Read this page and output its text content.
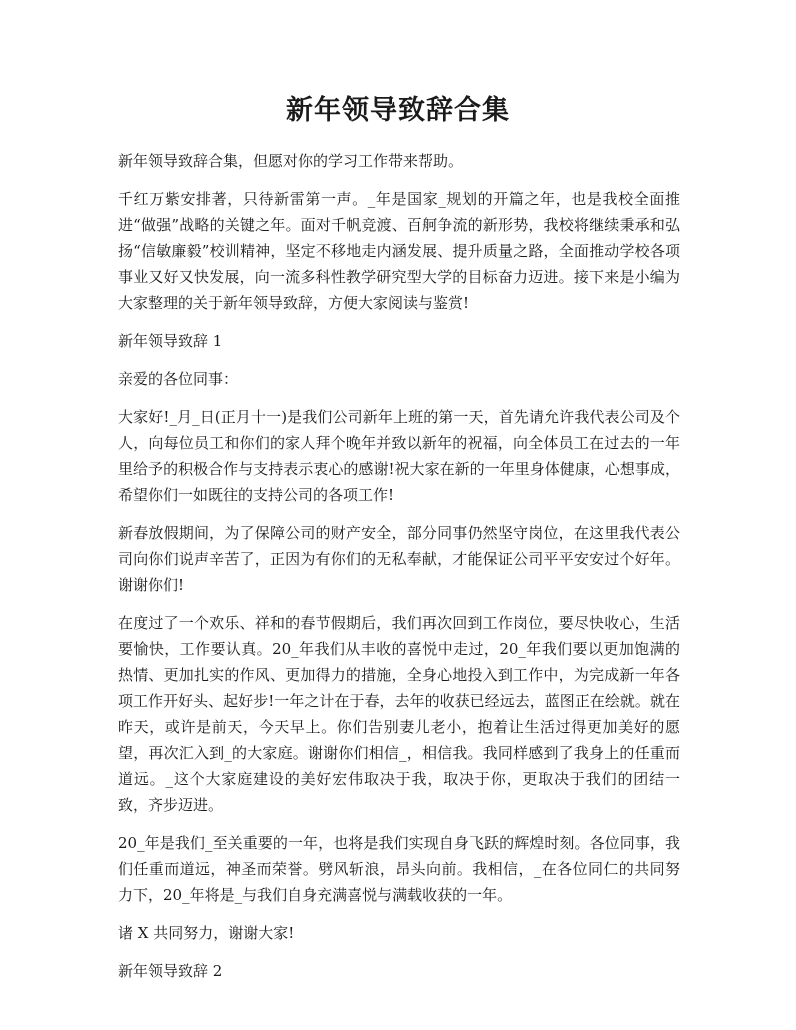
新年领导致辞合集

新年领导致辞合集，但愿对你的学习工作带来帮助。

千红万紫安排著，只待新雷第一声。_年是国家_规划的开篇之年，也是我校全面推进“做强”战略的关键之年。面对千帆竞渡、百舸争流的新形势，我校将继续秉承和弘扬“信敏廉毅”校训精神，坚定不移地走内涵发展、提升质量之路，全面推动学校各项事业又好又快发展，向一流多科性教学研究型大学的目标奋力迈进。接下来是小编为大家整理的关于新年领导致辞，方便大家阅读与鉴赏!

新年领导致辞 1

亲爱的各位同事：

大家好!_月_日(正月十一)是我们公司新年上班的第一天，首先请允许我代表公司及个人，向每位员工和你们的家人拜个晚年并致以新年的祝福，向全体员工在过去的一年里给予的积极合作与支持表示衷心的感谢!祝大家在新的一年里身体健康，心想事成，希望你们一如既往的支持公司的各项工作!

新春放假期间，为了保障公司的财产安全，部分同事仍然坚守岗位，在这里我代表公司向你们说声辛苦了，正因为有你们的无私奉献，才能保证公司平平安安过个好年。谢谢你们!

在度过了一个欢乐、祥和的春节假期后，我们再次回到工作岗位，要尽快收心，生活要愉快，工作要认真。20_年我们从丰收的喜悦中走过，20_年我们要以更加饱满的热情、更加扎实的作风、更加得力的措施，全身心地投入到工作中，为完成新一年各项工作开好头、起好步!一年之计在于春，去年的收获已经远去，蓝图正在绘就。就在昨天，或许是前天，今天早上。你们告别妻儿老小，抱着让生活过得更加美好的愿望，再次汇入到_的大家庭。谢谢你们相信_，相信我。我同样感到了我身上的任重而道远。_这个大家庭建设的美好宏伟取决于我，取决于你，更取决于我们的团结一致，齐步迈进。

20_年是我们_至关重要的一年，也将是我们实现自身飞跃的辉煌时刻。各位同事，我们任重而道远，神圣而荣誉。劈风斩浪，昂头向前。我相信，_在各位同仁的共同努力下，20_年将是_与我们自身充满喜悦与满载收获的一年。

诸 X 共同努力，谢谢大家!

新年领导致辞 2
